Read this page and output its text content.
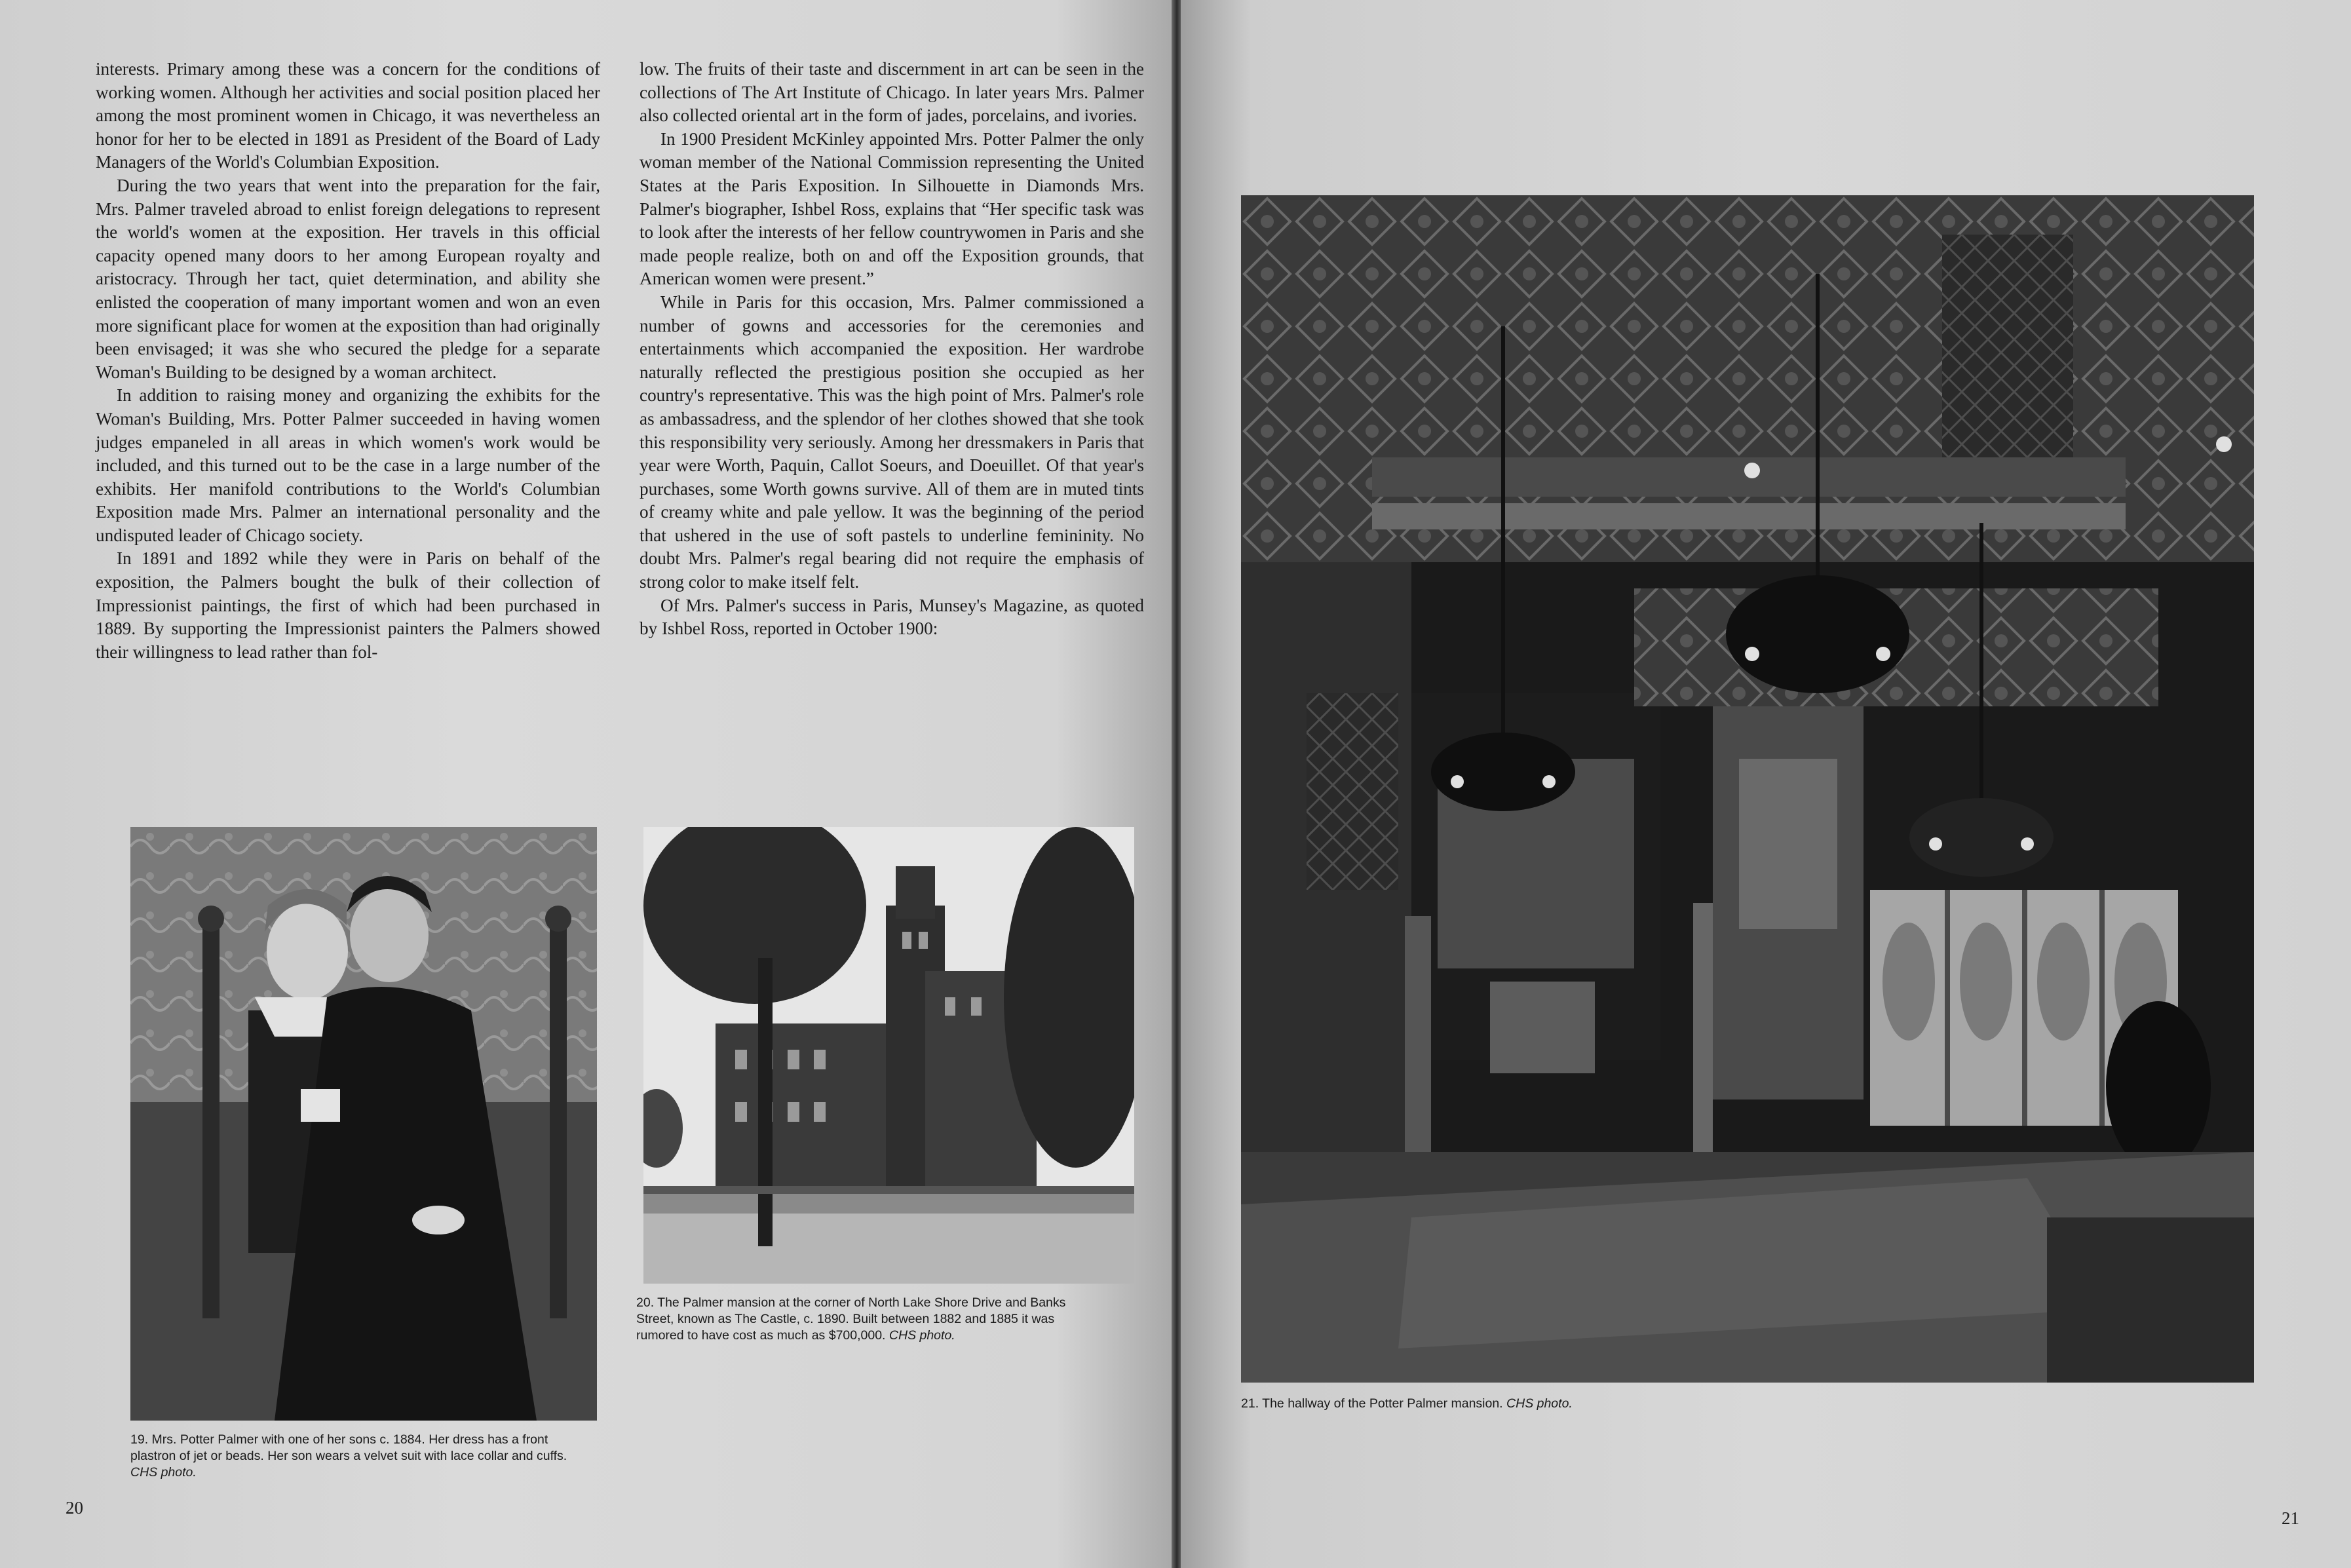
interests. Primary among these was a concern for the conditions of working women. Although her activities and social position placed her among the most prominent women in Chicago, it was nevertheless an honor for her to be elected in 1891 as President of the Board of Lady Managers of the World's Columbian Exposition.

During the two years that went into the preparation for the fair, Mrs. Palmer traveled abroad to enlist foreign delegations to represent the world's women at the exposition. Her travels in this official capacity opened many doors to her among European royalty and aristocracy. Through her tact, quiet determination, and ability she enlisted the cooperation of many important women and won an even more significant place for women at the exposition than had originally been envisaged; it was she who secured the pledge for a separate Woman's Building to be designed by a woman architect.

In addition to raising money and organizing the exhibits for the Woman's Building, Mrs. Potter Palmer succeeded in having women judges empaneled in all areas in which women's work would be included, and this turned out to be the case in a large number of the exhibits. Her manifold contributions to the World's Columbian Exposition made Mrs. Palmer an international personality and the undisputed leader of Chicago society.

In 1891 and 1892 while they were in Paris on behalf of the exposition, the Palmers bought the bulk of their collection of Impressionist paintings, the first of which had been purchased in 1889. By supporting the Impressionist painters the Palmers showed their willingness to lead rather than fol-

low. The fruits of their taste and discernment in art can be seen in the collections of The Art Institute of Chicago. In later years Mrs. Palmer also collected oriental art in the form of jades, porcelains, and ivories.

In 1900 President McKinley appointed Mrs. Potter Palmer the only woman member of the National Commission representing the United States at the Paris Exposition. In Silhouette in Diamonds Mrs. Palmer's biographer, Ishbel Ross, explains that “Her specific task was to look after the interests of her fellow countrywomen in Paris and she made people realize, both on and off the Exposition grounds, that American women were present.”

While in Paris for this occasion, Mrs. Palmer commissioned a number of gowns and accessories for the ceremonies and entertainments which accompanied the exposition. Her wardrobe naturally reflected the prestigious position she occupied as her country's representative. This was the high point of Mrs. Palmer's role as ambassadress, and the splendor of her clothes showed that she took this responsibility very seriously. Among her dressmakers in Paris that year were Worth, Paquin, Callot Soeurs, and Doeuillet. Of that year's purchases, some Worth gowns survive. All of them are in muted tints of creamy white and pale yellow. It was the beginning of the period that ushered in the use of soft pastels to underline femininity. No doubt Mrs. Palmer's regal bearing did not require the emphasis of strong color to make itself felt.

Of Mrs. Palmer's success in Paris, Munsey's Magazine, as quoted by Ishbel Ross, reported in October 1900:

20. The Palmer mansion at the corner of North Lake Shore Drive and Banks Street, known as The Castle, c. 1890. Built between 1882 and 1885 it was rumored to have cost as much as $700,000. CHS photo.
19. Mrs. Potter Palmer with one of her sons c. 1884. Her dress has a front plastron of jet or beads. Her son wears a velvet suit with lace collar and cuffs. CHS photo.
20
21. The hallway of the Potter Palmer mansion. CHS photo.
21
